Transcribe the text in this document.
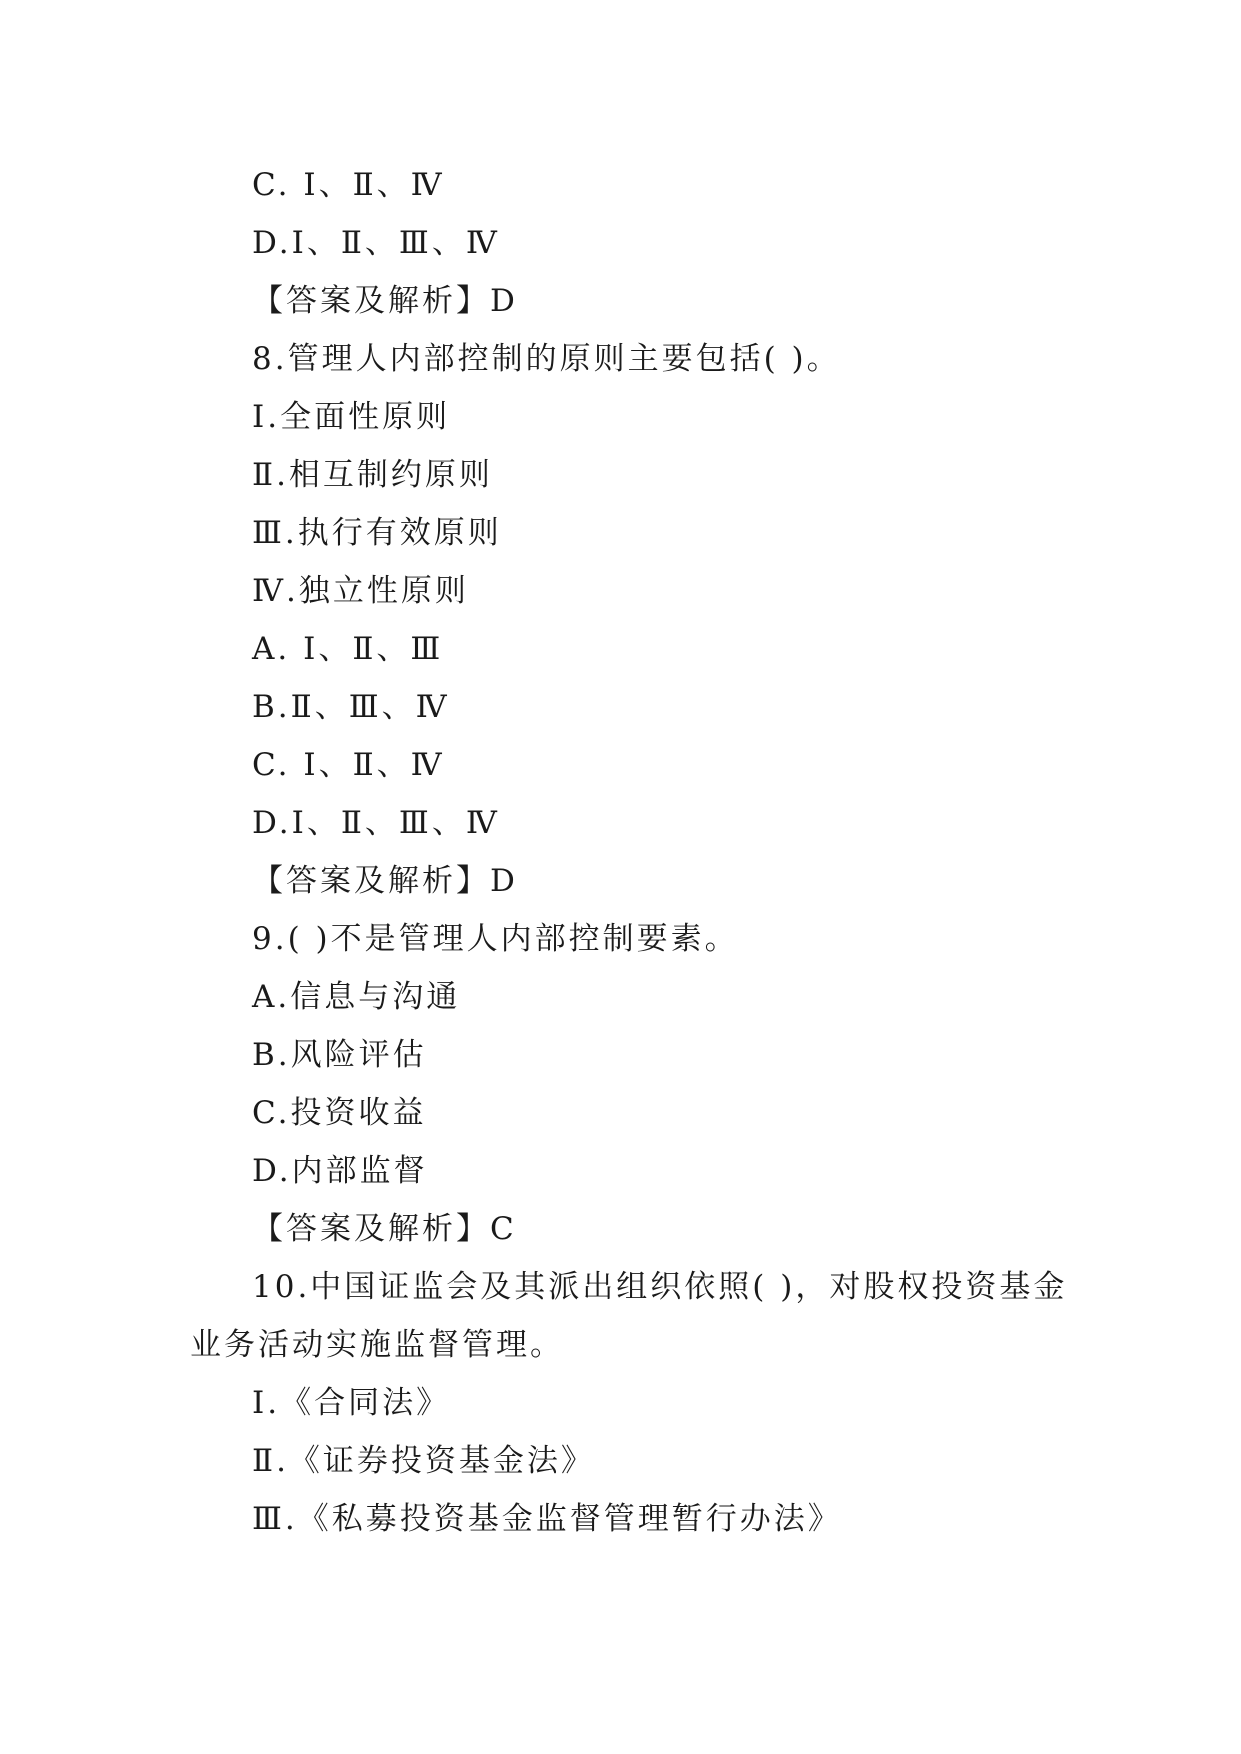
C. Ⅰ、Ⅱ、Ⅳ
D.Ⅰ、Ⅱ、Ⅲ、Ⅳ
【答案及解析】D
8.管理人内部控制的原则主要包括( )。
Ⅰ.全面性原则
Ⅱ.相互制约原则
Ⅲ.执行有效原则
Ⅳ.独立性原则
A. Ⅰ、Ⅱ、Ⅲ
B.Ⅱ、Ⅲ、Ⅳ
C. Ⅰ、Ⅱ、Ⅳ
D.Ⅰ、Ⅱ、Ⅲ、Ⅳ
【答案及解析】D
9.( )不是管理人内部控制要素。
A.信息与沟通
B.风险评估
C.投资收益
D.内部监督
【答案及解析】C
10.中国证监会及其派出组织依照( )，对股权投资基金
业务活动实施监督管理。
Ⅰ.《合同法》
Ⅱ.《证券投资基金法》
Ⅲ.《私募投资基金监督管理暂行办法》
